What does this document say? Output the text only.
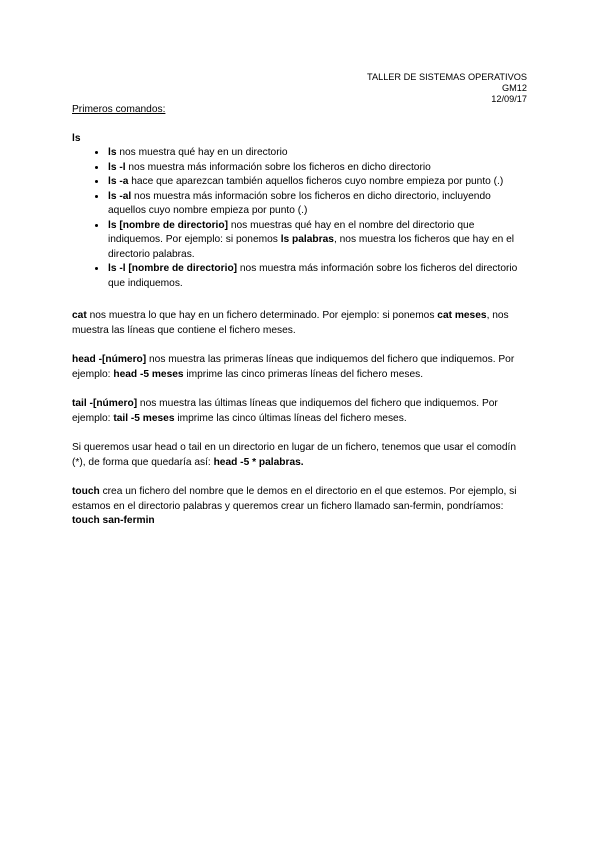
TALLER DE SISTEMAS OPERATIVOS
GM12
12/09/17

Primeros comandos:

ls
• ls nos muestra qué hay en un directorio
• ls -l nos muestra más información sobre los ficheros en dicho directorio
• ls -a hace que aparezcan también aquellos ficheros cuyo nombre empieza por punto (.)
• ls -al nos muestra más información sobre los ficheros en dicho directorio, incluyendo aquellos cuyo nombre empieza por punto (.)
• ls [nombre de directorio] nos muestras qué hay en el nombre del directorio que indiquemos. Por ejemplo: si ponemos ls palabras, nos muestra los ficheros que hay en el directorio palabras.
• ls -l [nombre de directorio] nos muestra más información sobre los ficheros del directorio que indiquemos.

cat nos muestra lo que hay en un fichero determinado. Por ejemplo: si ponemos cat meses, nos muestra las líneas que contiene el fichero meses.

head -[número] nos muestra las primeras líneas que indiquemos del fichero que indiquemos. Por ejemplo: head -5 meses imprime las cinco primeras líneas del fichero meses.

tail -[número] nos muestra las últimas líneas que indiquemos del fichero que indiquemos. Por ejemplo: tail -5 meses imprime las cinco últimas líneas del fichero meses.

Si queremos usar head o tail en un directorio en lugar de un fichero, tenemos que usar el comodín (*), de forma que quedaría así: head -5 * palabras.

touch crea un fichero del nombre que le demos en el directorio en el que estemos. Por ejemplo, si estamos en el directorio palabras y queremos crear un fichero llamado san-fermin, pondríamos: touch san-fermin
